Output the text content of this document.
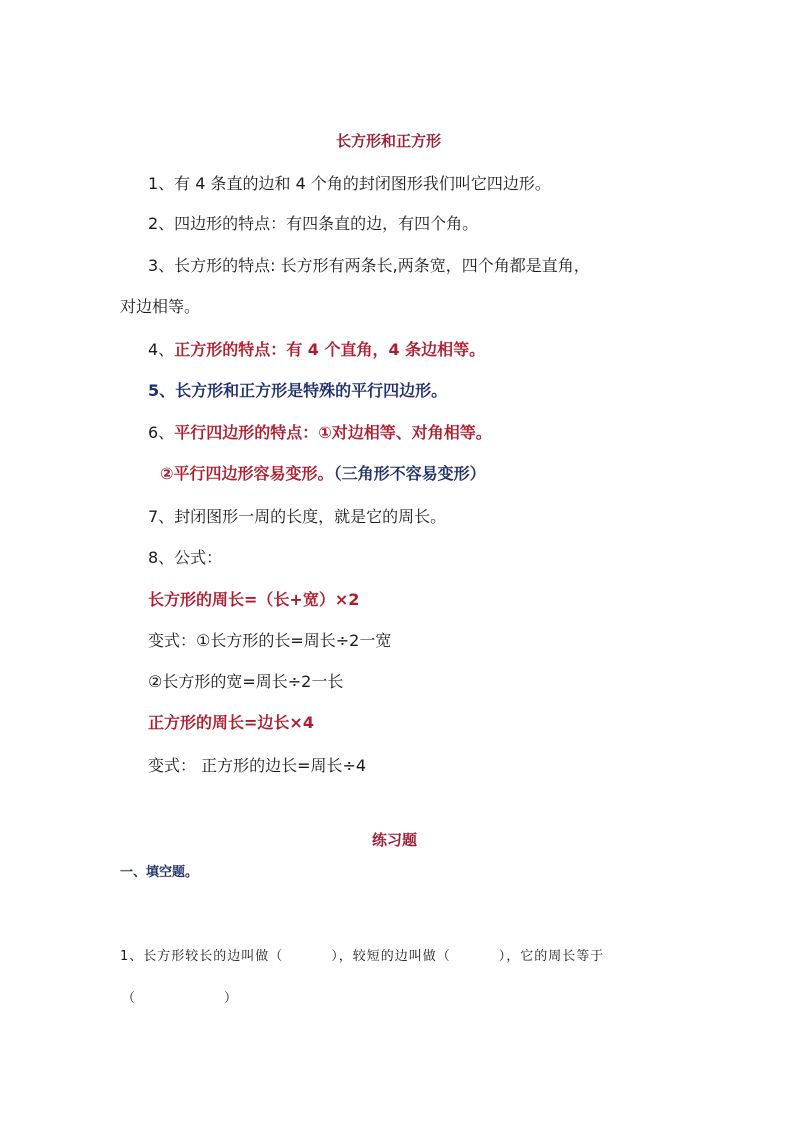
长方形和正方形
1、有 4 条直的边和 4 个角的封闭图形我们叫它四边形。
2、四边形的特点：有四条直的边，有四个角。
3、长方形的特点: 长方形有两条长,两条宽，四个角都是直角，
对边相等。
4、正方形的特点：有 4 个直角，4 条边相等。
5、长方形和正方形是特殊的平行四边形。
6、平行四边形的特点：①对边相等、对角相等。
②平行四边形容易变形。（三角形不容易变形）
7、封闭图形一周的长度，就是它的周长。
8、公式：
长方形的周长=（长+宽）×2
变式：①长方形的长=周长÷2一宽
②长方形的宽=周长÷2一长
正方形的周长=边长×4
变式： 正方形的边长=周长÷4
练习题
一、填空题。
1、长方形较长的边叫做（	），较短的边叫做（	），它的周长等于
（	）
